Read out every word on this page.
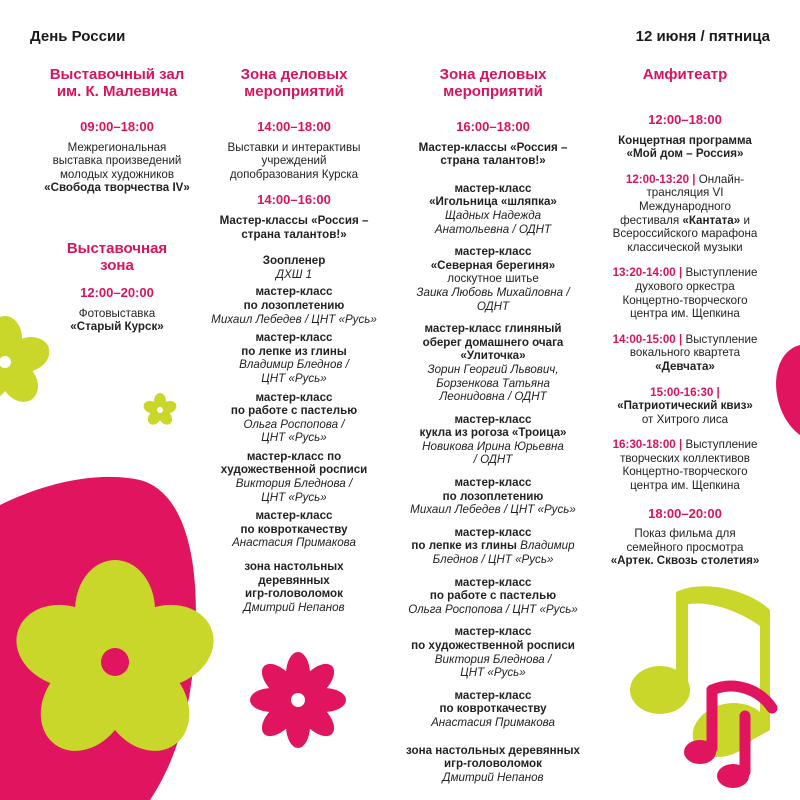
День России	12 июня / пятница
Выставочный зал
им. К. Малевича
09:00–18:00
Межрегиональная
выставка произведений
молодых художников
«Свобода творчества IV»
Выставочная
зона
12:00–20:00
Фотовыставка
«Старый Курск»
Зона деловых
мероприятий
14:00–18:00
Выставки и интерактивы
учреждений
допобразования Курска
14:00–16:00
Мастер-классы «Россия –
страна талантов!»
Зоопленер
ДХШ 1
мастер-класс
по лозоплетению
Михаил Лебедев / ЦНТ «Русь»
мастер-класс
по лепке из глины
Владимир Бледнов /
ЦНТ «Русь»
мастер-класс
по работе с пастелью
Ольга Роспопова /
ЦНТ «Русь»
мастер-класс по
художественной росписи
Виктория Бледнова /
ЦНТ «Русь»
мастер-класс
по ковроткачеству
Анастасия Примакова
зона настольных
деревянных
игр-головоломок
Дмитрий Непанов
Зона деловых
мероприятий
16:00–18:00
Мастер-классы «Россия –
страна талантов!»
мастер-класс
«Игольница «шляпка»
Щадных Надежда
Анатольевна / ОДНТ
мастер-класс
«Северная берегиня»
лоскутное шитье
Заика Любовь Михайловна /
ОДНТ
мастер-класс глиняный
оберег домашнего очага
«Улиточка»
Зорин Георгий Львович,
Борзенкова Татьяна
Леонидовна / ОДНТ
мастер-класс
кукла из рогоза «Троица»
Новикова Ирина Юрьевна
/ ОДНТ
мастер-класс
по лозоплетению
Михаил Лебедев / ЦНТ «Русь»
мастер-класс
по лепке из глины Владимир
Бледнов / ЦНТ «Русь»
мастер-класс
по работе с пастелью
Ольга Роспопова / ЦНТ «Русь»
мастер-класс
по художественной росписи
Виктория Бледнова /
ЦНТ «Русь»
мастер-класс
по ковроткачеству
Анастасия Примакова
зона настольных деревянных
игр-головоломок
Дмитрий Непанов
Амфитеатр
12:00–18:00
Концертная программа
«Мой дом – Россия»
12:00-13:20 | Онлайн-
трансляция VI
Международного
фестиваля «Кантата» и
Всероссийского марафона
классической музыки
13:20-14:00 | Выступление
духового оркестра
Концертно-творческого
центра им. Щепкина
14:00-15:00 | Выступление
вокального квартета
«Девчата»
15:00-16:30 |
«Патриотический квиз»
от Хитрого лиса
16:30-18:00 | Выступление
творческих коллективов
Концертно-творческого
центра им. Щепкина
18:00–20:00
Показ фильма для
семейного просмотра
«Артек. Сквозь столетия»
